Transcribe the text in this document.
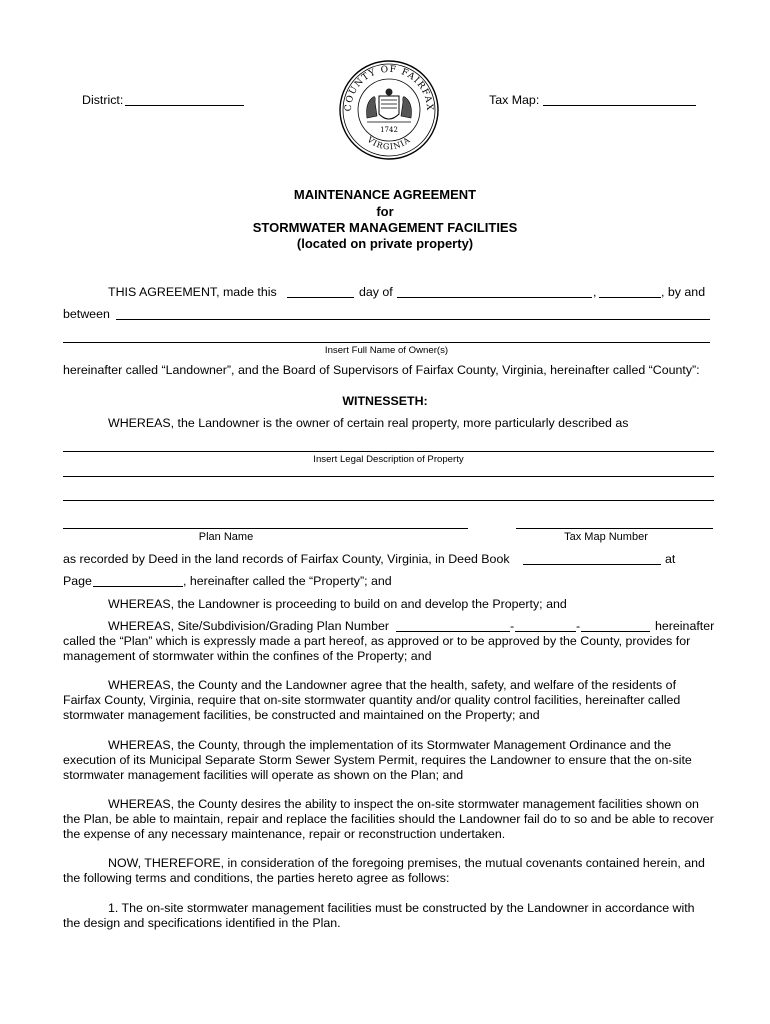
District:	Tax Map:
COUNTY OF FAIRFAX
VIRGINIA
1742
MAINTENANCE AGREEMENT
for
STORMWATER MANAGEMENT FACILITIES
(located on private property)
THIS AGREEMENT, made this	day of	,	, by and
between
Insert Full Name of Owner(s)
hereinafter called “Landowner”, and the Board of Supervisors of Fairfax County, Virginia, hereinafter called “County”:
WITNESSETH:
WHEREAS, the Landowner is the owner of certain real property, more particularly described as
Insert Legal Description of Property
Plan Name	Tax Map Number
as recorded by Deed in the land records of Fairfax County, Virginia, in Deed Book	at
Page	, hereinafter called the “Property”; and
WHEREAS, the Landowner is proceeding to build on and develop the Property; and
WHEREAS, Site/Subdivision/Grading Plan Number	-	-	hereinafter
called the “Plan” which is expressly made a part hereof, as approved or to be approved by the County, provides for
management of stormwater within the confines of the Property; and
WHEREAS, the County and the Landowner agree that the health, safety, and welfare of the residents of Fairfax County, Virginia, require that on-site stormwater quantity and/or quality control facilities, hereinafter called stormwater management facilities, be constructed and maintained on the Property; and
WHEREAS, the County, through the implementation of its Stormwater Management Ordinance and the execution of its Municipal Separate Storm Sewer System Permit, requires the Landowner to ensure that the on-site stormwater management facilities will operate as shown on the Plan; and
WHEREAS, the County desires the ability to inspect the on-site stormwater management facilities shown on the Plan, be able to maintain, repair and replace the facilities should the Landowner fail do to so and be able to recover the expense of any necessary maintenance, repair or reconstruction undertaken.
NOW, THEREFORE, in consideration of the foregoing premises, the mutual covenants contained herein, and the following terms and conditions, the parties hereto agree as follows:
1. The on-site stormwater management facilities must be constructed by the Landowner in accordance with the design and specifications identified in the Plan.
